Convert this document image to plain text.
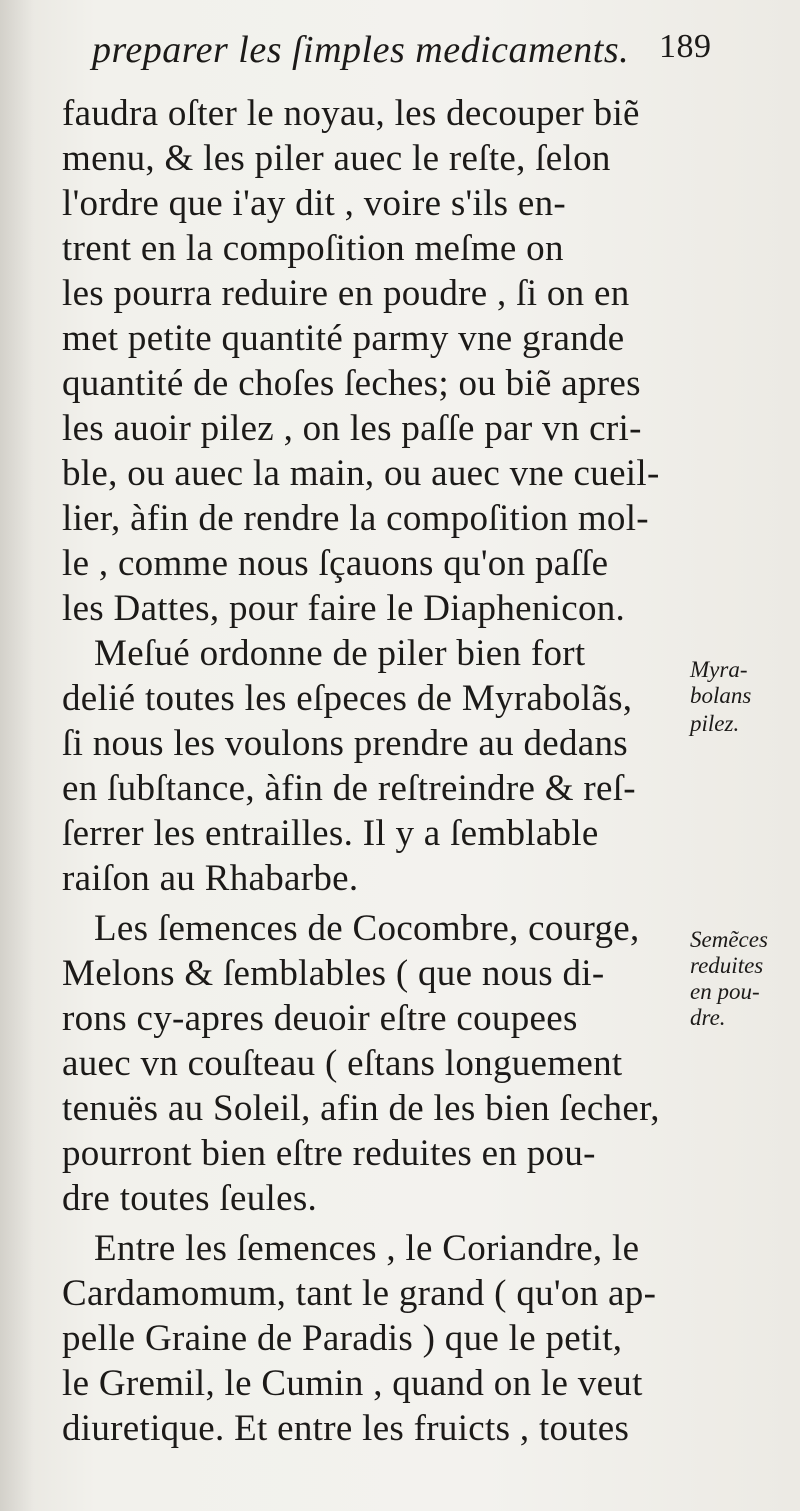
preparer les ſimples medicaments. 189
faudra oſter le noyau, les decouper biẽ
menu, & les piler auec le reſte, ſelon
l'ordre que i'ay dit , voire s'ils en-
trent en la compoſition meſme on
les pourra reduire en poudre , ſi on en
met petite quantité parmy vne grande
quantité de choſes ſeches; ou biẽ apres
les auoir pilez , on les paſſe par vn cri-
ble, ou auec la main, ou auec vne cueil-
lier, àfin de rendre la compoſition mol-
le , comme nous ſçauons qu'on paſſe
les Dattes, pour faire le Diaphenicon.
Meſué ordonne de piler bien fort
delié toutes les eſpeces de Myrabolãs,
ſi nous les voulons prendre au dedans
en ſubſtance, àfin de reſtreindre & reſ-
ſerrer les entrailles. Il y a ſemblable
raiſon au Rhabarbe.
Les ſemences de Cocombre, courge,
Melons & ſemblables ( que nous di-
rons cy-apres deuoir eſtre coupees
auec vn couſteau ( eſtans longuement
tenuës au Soleil, afin de les bien ſecher,
pourront bien eſtre reduites en pou-
dre toutes ſeules.
Entre les ſemences , le Coriandre, le
Cardamomum, tant le grand ( qu'on ap-
pelle Graine de Paradis ) que le petit,
le Gremil, le Cumin , quand on le veut
diuretique. Et entre les fruicts , toutes
Myra-
bolans
pilez.
Semẽces
reduites
en pou-
dre.
